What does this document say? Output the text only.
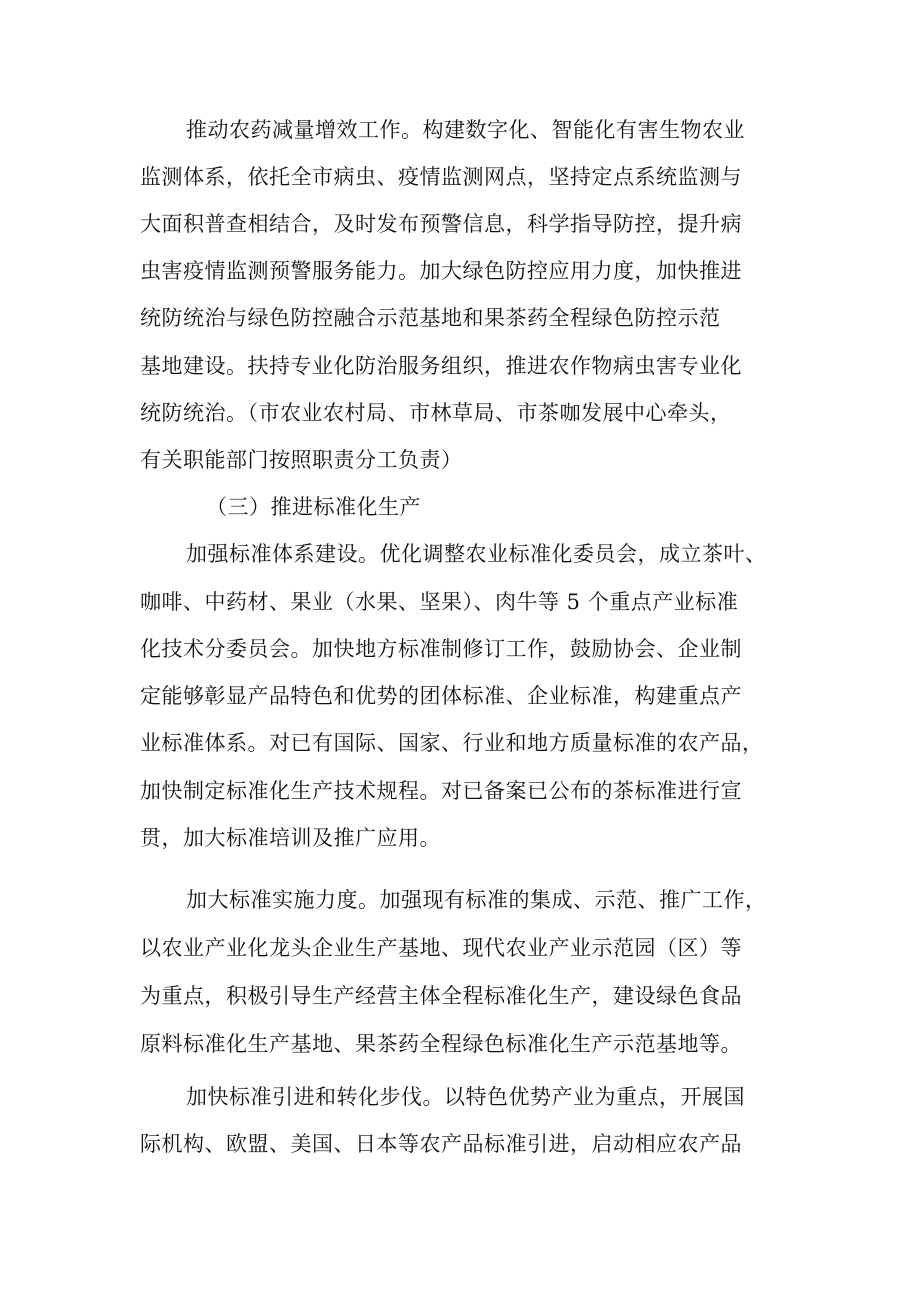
推动农药减量增效工作。构建数字化、智能化有害生物农业
监测体系，依托全市病虫、疫情监测网点，坚持定点系统监测与
大面积普查相结合，及时发布预警信息，科学指导防控，提升病
虫害疫情监测预警服务能力。加大绿色防控应用力度，加快推进
统防统治与绿色防控融合示范基地和果茶药全程绿色防控示范
基地建设。扶持专业化防治服务组织，推进农作物病虫害专业化
统防统治。（市农业农村局、市林草局、市茶咖发展中心牵头，
有关职能部门按照职责分工负责）
（三）推进标准化生产
加强标准体系建设。优化调整农业标准化委员会，成立茶叶、
咖啡、中药材、果业（水果、坚果）、肉牛等 5 个重点产业标准
化技术分委员会。加快地方标准制修订工作，鼓励协会、企业制
定能够彰显产品特色和优势的团体标准、企业标准，构建重点产
业标准体系。对已有国际、国家、行业和地方质量标准的农产品，
加快制定标准化生产技术规程。对已备案已公布的茶标准进行宣
贯，加大标准培训及推广应用。
加大标准实施力度。加强现有标准的集成、示范、推广工作，
以农业产业化龙头企业生产基地、现代农业产业示范园（区）等
为重点，积极引导生产经营主体全程标准化生产，建设绿色食品
原料标准化生产基地、果茶药全程绿色标准化生产示范基地等。
加快标准引进和转化步伐。以特色优势产业为重点，开展国
际机构、欧盟、美国、日本等农产品标准引进，启动相应农产品
